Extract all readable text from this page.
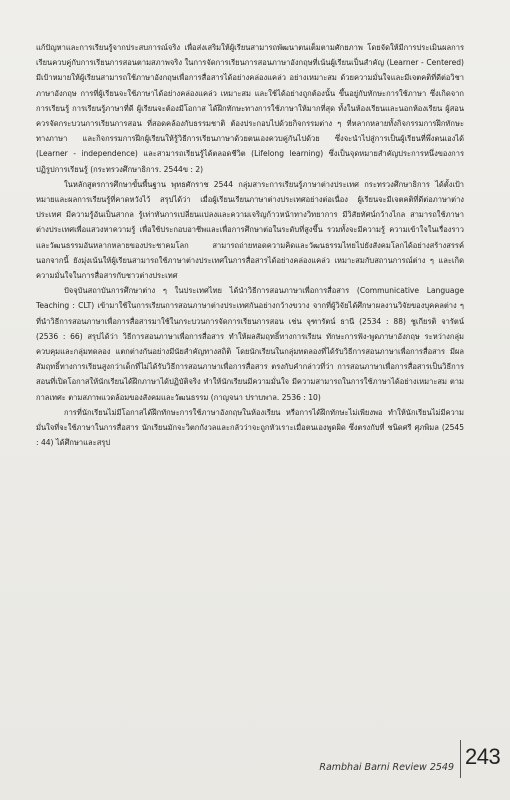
แก้ปัญหาและการเรียนรู้จากประสบการณ์จริง เพื่อส่งเสริมให้ผู้เรียนสามารถพัฒนาตนเต็มตามศักยภาพ โดยจัดให้มีการประเมินผลการเรียนควบคู่กับการเรียนการสอนตามสภาพจริง ในการจัดการเรียนการสอนภาษาอังกฤษที่เน้นผู้เรียนเป็นสำคัญ (Learner - Centered) มีเป้าหมายให้ผู้เรียนสามารถใช้ภาษาอังกฤษเพื่อการสื่อสารได้อย่างคล่องแคล่ว อย่างเหมาะสม ด้วยความมั่นใจและมีเจตคติที่ดีต่อวิชาภาษาอังกฤษ การที่ผู้เรียนจะใช้ภาษาได้อย่างคล่องแคล่ว เหมาะสม และใช้ได้อย่างถูกต้องนั้น ขึ้นอยู่กับทักษะการใช้ภาษา ซึ่งเกิดจากการเรียนรู้ การเรียนรู้ภาษาที่ดี ผู้เรียนจะต้องมีโอกาส ได้ฝึกทักษะทางการใช้ภาษาให้มากที่สุด ทั้งในห้องเรียนและนอกห้องเรียน ผู้สอนควรจัดกระบวนการเรียนการสอน ที่สอดคล้องกับธรรมชาติ ต้องประกอบไปด้วยกิจกรรมต่าง ๆ ที่หลากหลายทั้งกิจกรรมการฝึกทักษะทางภาษา และกิจกรรมการฝึกผู้เรียนให้รู้วิธีการเรียนภาษาด้วยตนเองควบคู่กันไปด้วย ซึ่งจะนำไปสู่การเป็นผู้เรียนที่พึ่งตนเองได้ (Learner - independence) และสามารถเรียนรู้ได้ตลอดชีวิต (Lifelong learning) ซึ่งเป็นจุดหมายสำคัญประการหนึ่งของการปฏิรูปการเรียนรู้ (กระทรวงศึกษาธิการ. 2544ข : 2)

ในหลักสูตรการศึกษาขั้นพื้นฐาน พุทธศักราช 2544 กลุ่มสาระการเรียนรู้ภาษาต่างประเทศ กระทรวงศึกษาธิการ ได้ตั้งเป้าหมายและผลการเรียนรู้ที่คาดหวังไว้ สรุปได้ว่า เมื่อผู้เรียนเรียนภาษาต่างประเทศอย่างต่อเนื่อง ผู้เรียนจะมีเจตคติที่ดีต่อภาษาต่างประเทศ มีความรู้อันเป็นสากล รู้เท่าทันการเปลี่ยนแปลงและความเจริญก้าวหน้าทางวิทยาการ มีวิสัยทัศน์กว้างไกล สามารถใช้ภาษาต่างประเทศเพื่อแสวงหาความรู้ เพื่อใช้ประกอบอาชีพและเพื่อการศึกษาต่อในระดับที่สูงขึ้น รวมทั้งจะมีความรู้ ความเข้าใจในเรื่องราวและวัฒนธรรมอันหลากหลายของประชาคมโลก สามารถถ่ายทอดความคิดและวัฒนธรรมไทยไปยังสังคมโลกได้อย่างสร้างสรรค์ นอกจากนี้ ยังมุ่งเน้นให้ผู้เรียนสามารถใช้ภาษาต่างประเทศในการสื่อสารได้อย่างคล่องแคล่ว เหมาะสมกับสถานการณ์ต่าง ๆ และเกิดความมั่นใจในการสื่อสารกับชาวต่างประเทศ

ปัจจุบันสถาบันการศึกษาต่าง ๆ ในประเทศไทย ได้นำวิธีการสอนภาษาเพื่อการสื่อสาร (Communicative Language Teaching : CLT) เข้ามาใช้ในการเรียนการสอนภาษาต่างประเทศกันอย่างกว้างขวาง จากที่ผู้วิจัยได้ศึกษาผลงานวิจัยของบุคคลต่าง ๆ ที่นำวิธีการสอนภาษาเพื่อการสื่อสารมาใช้ในกระบวนการจัดการเรียนการสอน เช่น จุฑารัตน์ ธานี (2534 : 88) ชูเกียรติ จารัตน์ (2536 : 66) สรุปได้ว่า วิธีการสอนภาษาเพื่อการสื่อสาร ทำให้ผลสัมฤทธิ์ทางการเรียน ทักษะการฟัง-พูดภาษาอังกฤษ ระหว่างกลุ่มควบคุมและกลุ่มทดลอง แตกต่างกันอย่างมีนัยสำคัญทางสถิติ โดยนักเรียนในกลุ่มทดลองที่ได้รับวิธีการสอนภาษาเพื่อการสื่อสาร มีผลสัมฤทธิ์ทางการเรียนสูงกว่าเด็กที่ไม่ได้รับวิธีการสอนภาษาเพื่อการสื่อสาร ตรงกับคำกล่าวที่ว่า การสอนภาษาเพื่อการสื่อสารเป็นวิธีการสอนที่เปิดโอกาสให้นักเรียนได้ฝึกภาษาได้ปฏิบัติจริง ทำให้นักเรียนมีความมั่นใจ มีความสามารถในการใช้ภาษาได้อย่างเหมาะสม ตามกาลเทศะ ตามสภาพแวดล้อมของสังคมและวัฒนธรรม (กาญจนา ปราบพาล. 2536 : 10)

การที่นักเรียนไม่มีโอกาสได้ฝึกทักษะการใช้ภาษาอังกฤษในห้องเรียน หรือการได้ฝึกทักษะไม่เพียงพอ ทำให้นักเรียนไม่มีความมั่นใจที่จะใช้ภาษาในการสื่อสาร นักเรียนมักจะวิตกกังวลและกลัวว่าจะถูกหัวเราะเมื่อตนเองพูดผิด ซึ่งตรงกับที่ ชนิดศรี ศุภพิมล (2545 : 44) ได้ศึกษาและสรุป

Rambhai Barni Review 2549 243
